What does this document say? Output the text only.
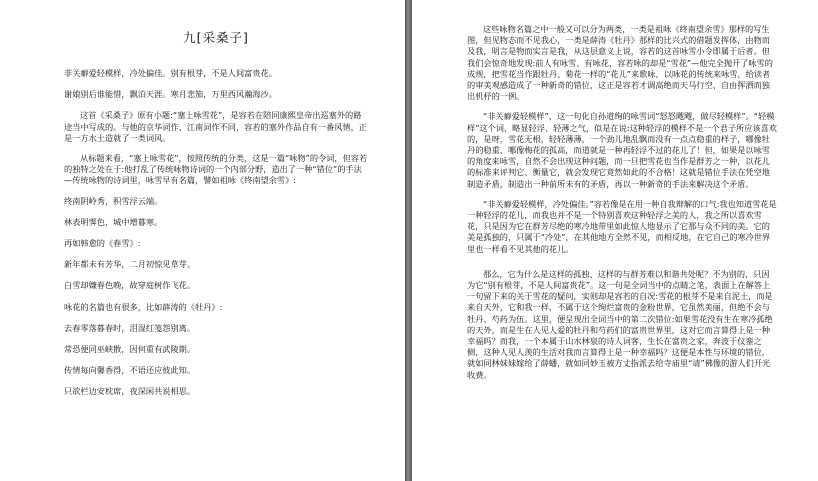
九[采桑子]

非关癖爱轻模样，冷处偏佳。别有根芽，不是人间富贵花。

谢娘别后谁能惜，飘泊天涯。寒月悲笳，万里西风瀚海沙。

这首《采桑子》原有小题:“塞上咏雪花”，是容若在陪同康熙皇帝出巡塞外的路途当中写成的。与他的京华词作、江南词作不同，容若的塞外作品自有一番风情，正是一方水土造就了一类词风。

从标题来看，“塞上咏雪花”，按照传统的分类，这是一篇“咏物”的令词，但容若的独特之处在于:他打乱了传统咏物诗词的一个内部分野，造出了一种“错位”的手法—传统咏物的诗词里，咏雪早有名篇，譬如祖咏《终南望余雪》:

终南阴岭秀，积雪浮云端。

林表明霁色，城中增暮寒。

再如韩愈的《春雪》:

新年都未有芳华，二月初惊见草芽。

白雪却嫌春色晚，故穿庭树作飞花。

咏花的名篇也有很多，比如薛涛的《牡丹》:

去春零落暮春时，泪湿红笺怨别离。

常恐便同巫峡散，因何重有武陵期。

传情每向馨香得，不语还应彼此知。

只欲栏边安枕席，夜深闲共说相思。

这些咏物名篇之中一般又可以分为两类，一类是祖咏《终南望余雪》那样的写生图，但见物态而不见我心，一类是薛涛《牡丹》那样的比兴式的借题发挥体，由物而及我，明言是物而实言是我，从这层意义上说，容若的这首咏雪小令即属于后者。但我们会惊奇地发现:前人有咏雪、有咏花，容若咏的却是“雪花”—他完全抛开了咏雪的成规，把雪花当作跟牡丹、菊花一样的“花儿”来歌咏，以咏花的传统来咏雪，给读者的审美观感造成了一种新奇的错位，这正是容若才调高绝而天马行空、自由挥洒而独出机杼的一例。

“非关癖爱轻模样”，这一句化自孙道绚的咏雪词“怒怒飕飕，做尽轻模样”。“轻模样”这个词，略显轻浮、轻薄之气，似是在说:这种轻浮的模样不是一个君子所应该喜欢的，是呀，雪花无根，轻轻薄薄，一个劲儿地乱飘而没有一点点稳重的样子，哪像牡丹的稳重、哪像梅花的孤高，而道就是一种再轻浮不过的花儿了！但，如果是以咏雪的角度来咏雪，自然不会出现这种问题，而一旦把雪花也当作是群芳之一种，以花儿的标准来评判它、衡量它，就会发现它竟然如此的不合格！这就是错位手法在凭空地制造矛盾，制造出一种前所未有的矛盾，再以一种新奇的手法来解决这个矛盾。

“非关癖爱轻模样，冷处偏佳。”容若像是在用一种自我辩解的口气:我也知道雪花是一种轻浮的花儿，而我也并不是一个特别喜欢这种轻浮之美的人，我之所以喜欢雪花，只是因为它在群芳尽绝的寒冷地带里如此惊人地显示了它那与众不同的美。它的美是孤独的，只属于“冷处”，在其他地方全然不见，而相反地，在它自己的寒冷世界里也一样看不见其他的花儿。

那么，它为什么是这样的孤独、这样的与群芳难以和谐共处呢？不为别的，只因为它“别有根芽，不是人间富贵花”。这一句是全词当中的点睛之笔，表面上在解答上一句留下来的关于雪花的疑问，实则却是容若的自况:雪花的根芽不是来自泥土，而是来自天外，它和我一样，不属于这个绚烂富贵的金粉世界，它虽然美丽，但绝不会与牡丹、芍药为伍。这里，便呈现出全词当中的第二次错位:如果雪花没有生在寒冷孤绝的天外，而是生在人见人爱的牡丹和芍药们的富贵世界里，这对它而言算得上是一种幸福吗？而我，一个本属于山水林泉的诗人词客，生长在富贵之家，奔波于仪銮之侧，这种人见人羡的生活对我而言算得上是一种幸福吗？这便是本性与环境的错位，就如同林妹妹嫁给了薛蟠，就如同妙玉被方丈指派去给寺庙里“请”佛像的游人们开光收费。
